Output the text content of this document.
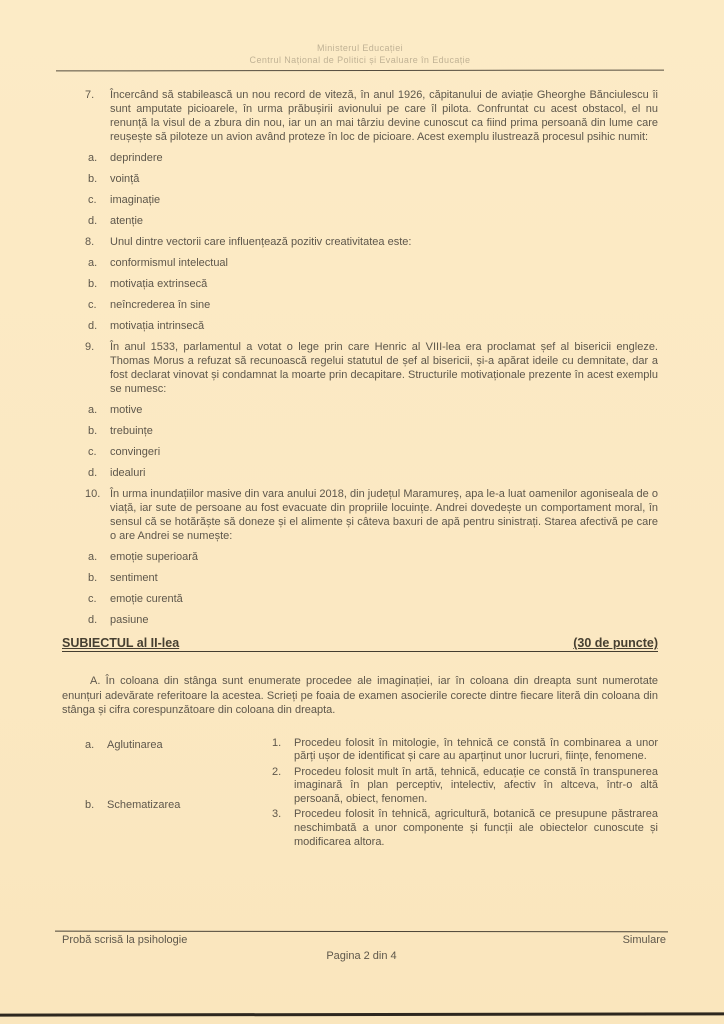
Ministerul Educației
Centrul Național de Politici și Evaluare în Educație
7.	Încercând să stabilească un nou record de viteză, în anul 1926, căpitanului de aviație Gheorghe Bănciulescu îi sunt amputate picioarele, în urma prăbușirii avionului pe care îl pilota. Confruntat cu acest obstacol, el nu renunță la visul de a zbura din nou, iar un an mai târziu devine cunoscut ca fiind prima persoană din lume care reușește să piloteze un avion având proteze în loc de picioare. Acest exemplu ilustrează procesul psihic numit:
a.	deprindere
b.	voință
c.	imaginație
d.	atenție
8.	Unul dintre vectorii care influențează pozitiv creativitatea este:
a.	conformismul intelectual
b.	motivația extrinsecă
c.	neîncrederea în sine
d.	motivația intrinsecă
9.	În anul 1533, parlamentul a votat o lege prin care Henric al VIII-lea era proclamat șef al bisericii engleze. Thomas Morus a refuzat să recunoască regelui statutul de șef al bisericii, și-a apărat ideile cu demnitate, dar a fost declarat vinovat și condamnat la moarte prin decapitare. Structurile motivaționale prezente în acest exemplu se numesc:
a.	motive
b.	trebuințe
c.	convingeri
d.	idealuri
10. În urma inundațiilor masive din vara anului 2018, din județul Maramureș, apa le-a luat oamenilor agoniseala de o viață, iar sute de persoane au fost evacuate din propriile locuințe. Andrei dovedește un comportament moral, în sensul că se hotărăște să doneze și el alimente și câteva baxuri de apă pentru sinistrați. Starea afectivă pe care o are Andrei se numește:
a.	emoție superioară
b.	sentiment
c.	emoție curentă
d.	pasiune
SUBIECTUL al II-lea	(30 de puncte)

A. În coloana din stânga sunt enumerate procedee ale imaginației, iar în coloana din dreapta sunt numerotate enunțuri adevărate referitoare la acestea. Scrieți pe foaia de examen asocierile corecte dintre fiecare literă din coloana din stânga și cifra corespunzătoare din coloana din dreapta.

a.	Aglutinarea
b.	Schematizarea
1.	Procedeu folosit în mitologie, în tehnică ce constă în combinarea a unor părți ușor de identificat și care au aparținut unor lucruri, ființe, fenomene.
2.	Procedeu folosit mult în artă, tehnică, educație ce constă în transpunerea imaginară în plan perceptiv, intelectiv, afectiv în altceva, într-o altă persoană, obiect, fenomen.
3.	Procedeu folosit în tehnică, agricultură, botanică ce presupune păstrarea neschimbată a unor componente și funcții ale obiectelor cunoscute și modificarea altora.
Probă scrisă la psihologie	Simulare
Pagina 2 din 4
